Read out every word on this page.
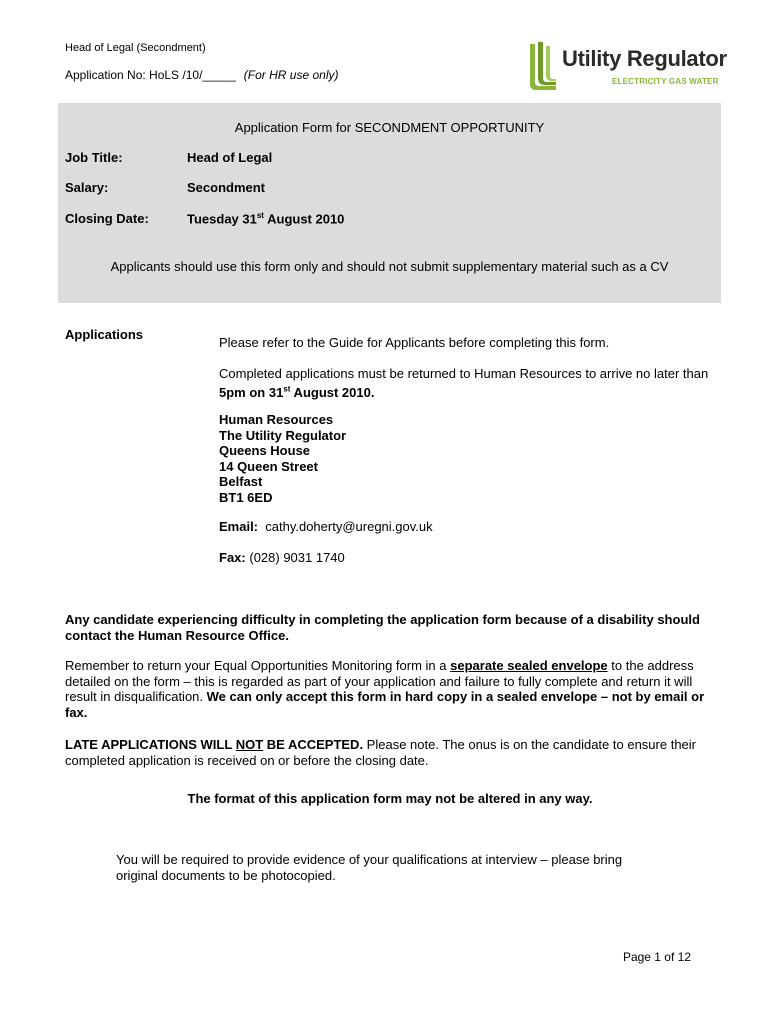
Head of Legal (Secondment)
Application No: HoLS /10/_____ (For HR use only)
Utility Regulator
ELECTRICITY GAS WATER
Application Form for SECONDMENT OPPORTUNITY
Job Title:	Head of Legal
Salary:	Secondment
Closing Date:	Tuesday 31st August 2010
Applicants should use this form only and should not submit supplementary material such as a CV
Applications
Please refer to the Guide for Applicants before completing this form.
Completed applications must be returned to Human Resources to arrive no later than 5pm on 31st August 2010.
Human Resources
The Utility Regulator
Queens House
14 Queen Street
Belfast
BT1 6ED
Email: cathy.doherty@uregni.gov.uk
Fax: (028) 9031 1740
Any candidate experiencing difficulty in completing the application form because of a disability should contact the Human Resource Office.
Remember to return your Equal Opportunities Monitoring form in a separate sealed envelope to the address detailed on the form – this is regarded as part of your application and failure to fully complete and return it will result in disqualification. We can only accept this form in hard copy in a sealed envelope – not by email or fax.
LATE APPLICATIONS WILL NOT BE ACCEPTED. Please note. The onus is on the candidate to ensure their completed application is received on or before the closing date.
The format of this application form may not be altered in any way.
You will be required to provide evidence of your qualifications at interview – please bring original documents to be photocopied.
Page 1 of 12
